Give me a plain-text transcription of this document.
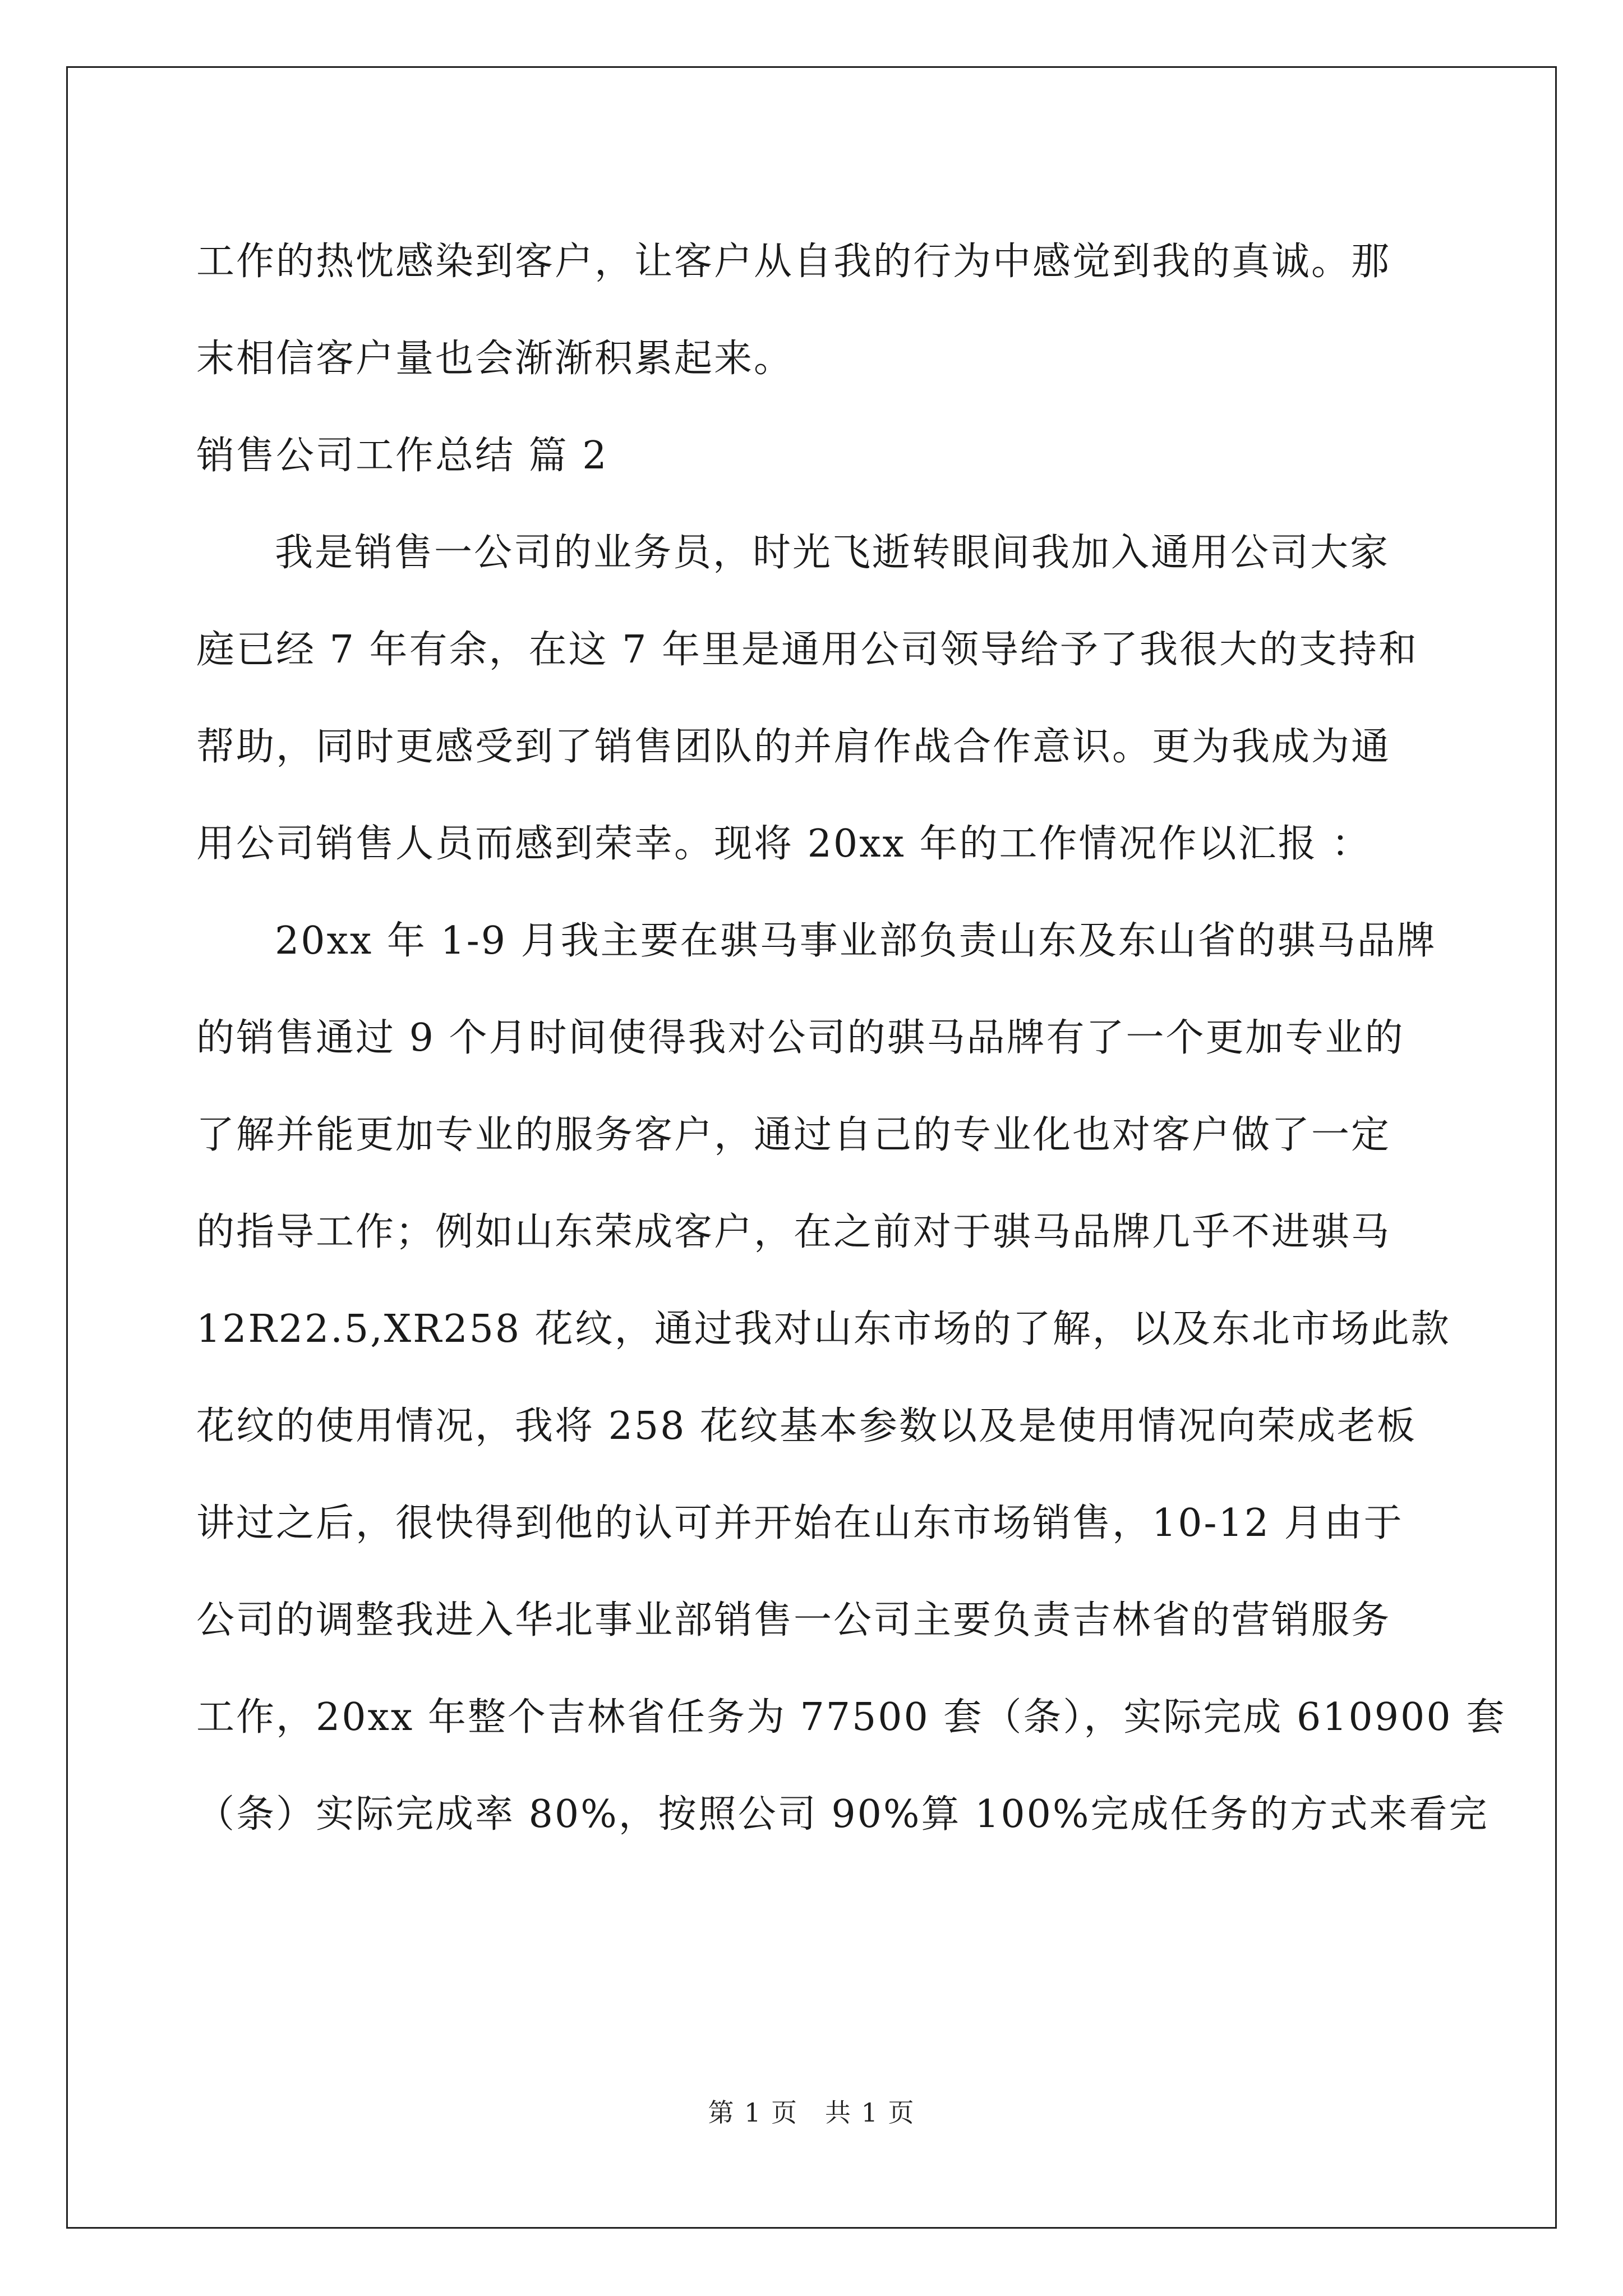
工作的热忱感染到客户，让客户从自我的行为中感觉到我的真诚。那
末相信客户量也会渐渐积累起来。
销售公司工作总结 篇 2
我是销售一公司的业务员，时光飞逝转眼间我加入通用公司大家
庭已经 7 年有余，在这 7 年里是通用公司领导给予了我很大的支持和
帮助，同时更感受到了销售团队的并肩作战合作意识。更为我成为通
用公司销售人员而感到荣幸。现将 20xx 年的工作情况作以汇报 ：
20xx 年 1-9 月我主要在骐马事业部负责山东及东山省的骐马品牌
的销售通过 9 个月时间使得我对公司的骐马品牌有了一个更加专业的
了解并能更加专业的服务客户，通过自己的专业化也对客户做了一定
的指导工作；例如山东荣成客户，在之前对于骐马品牌几乎不进骐马
12R22.5,XR258 花纹，通过我对山东市场的了解，以及东北市场此款
花纹的使用情况，我将 258 花纹基本参数以及是使用情况向荣成老板
讲过之后，很快得到他的认可并开始在山东市场销售，10-12 月由于
公司的调整我进入华北事业部销售一公司主要负责吉林省的营销服务
工作，20xx 年整个吉林省任务为 77500 套（条），实际完成 610900 套
（条）实际完成率 80%，按照公司 90%算 100%完成任务的方式来看完
第 1 页　共 1 页
